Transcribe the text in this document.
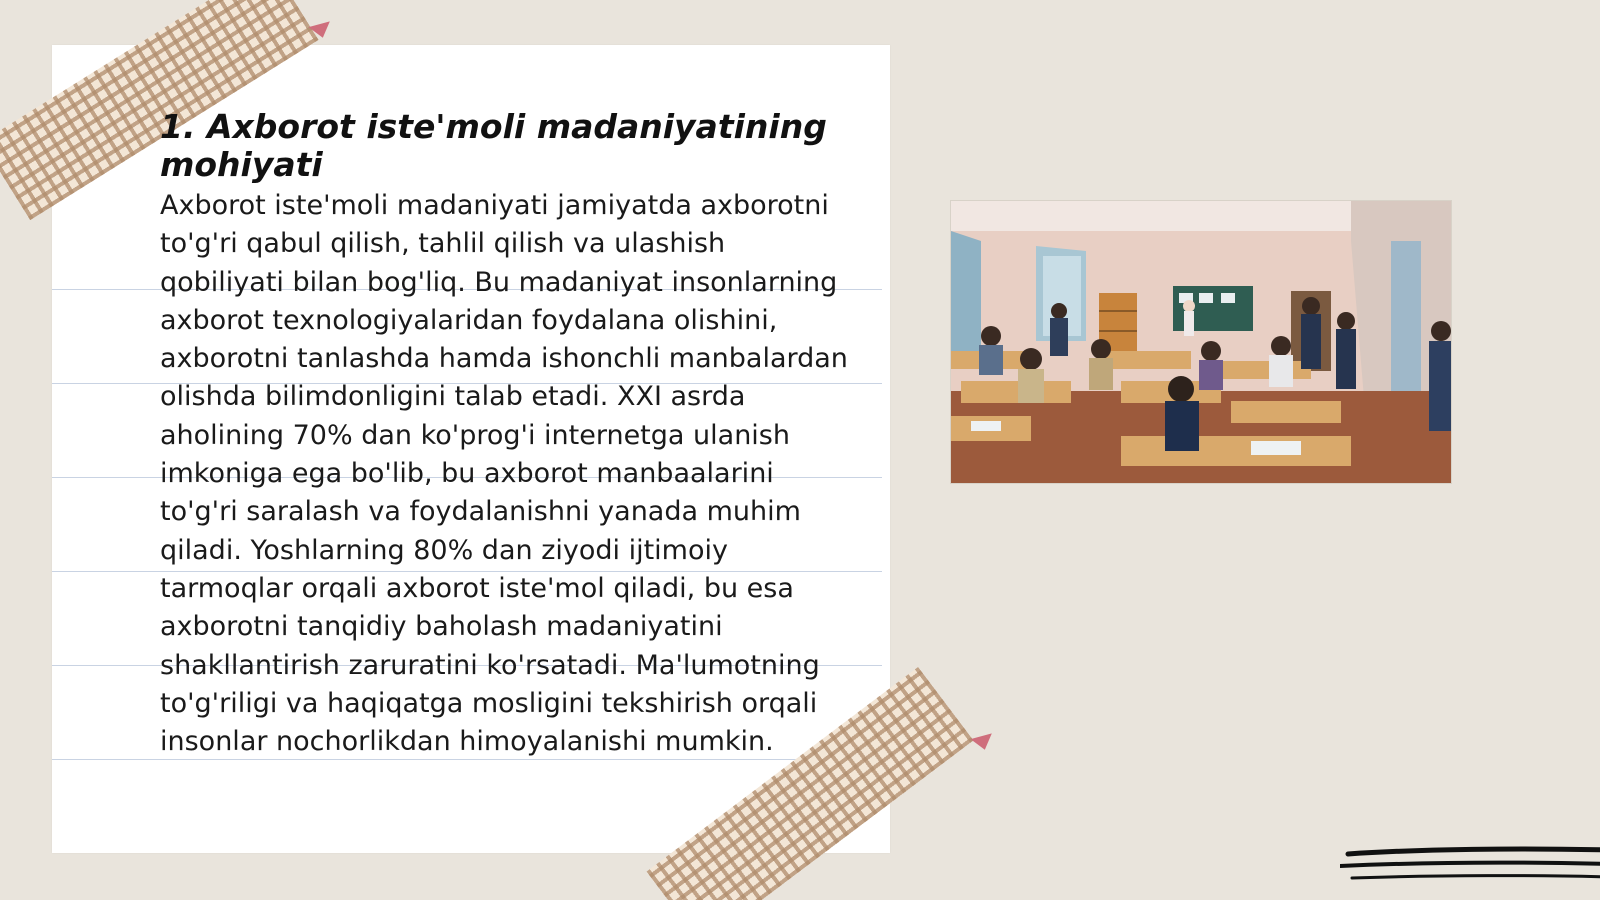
1. Axborot iste'moli madaniyatining mohiyati

Axborot iste'moli madaniyati jamiyatda axborotni to'g'ri qabul qilish, tahlil qilish va ulashish qobiliyati bilan bog'liq. Bu madaniyat insonlarning axborot texnologiyalaridan foydalana olishini, axborotni tanlashda hamda ishonchli manbalardan olishda bilimdonligini talab etadi. XXI asrda aholining 70% dan ko'prog'i internetga ulanish imkoniga ega bo'lib, bu axborot manbaalarini to'g'ri saralash va foydalanishni yanada muhim qiladi. Yoshlarning 80% dan ziyodi ijtimoiy tarmoqlar orqali axborot iste'mol qiladi, bu esa axborotni tanqidiy baholash madaniyatini shakllantirish zaruratini ko'rsatadi. Ma'lumotning to'g'riligi va haqiqatga mosligini tekshirish orqali insonlar nochorlikdan himoyalanishi mumkin.
